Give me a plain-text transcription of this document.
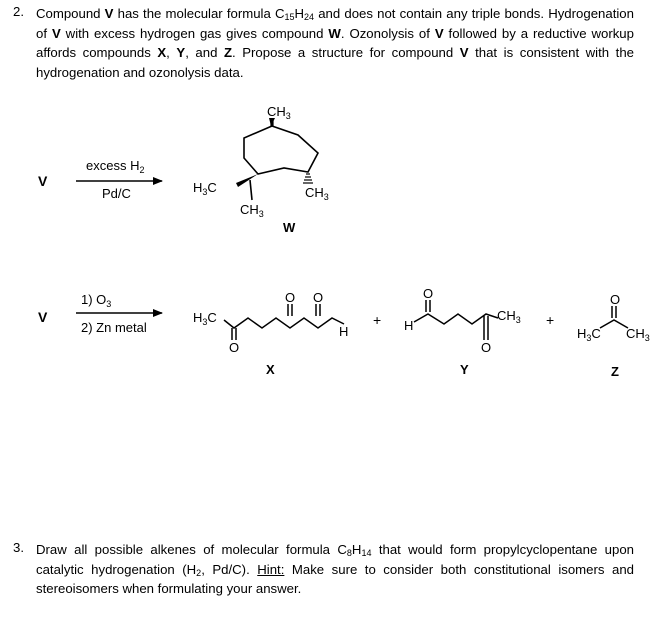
2. Compound V has the molecular formula $C_{15}H_{24}$ and does not contain any triple bonds. Hydrogenation of V with excess hydrogen gas gives compound W. Ozonolysis of V followed by a reductive workup affords compounds X, Y, and Z. Propose a structure for compound V that is consistent with the hydrogenation and ozonolysis data.
V
excess $H_2$
Pd/C
$CH_3$
$H_3C$
$CH_3$
$CH_3$
W
V
1) $O_3$
2) Zn metal
$H_3C$
O
O O
H
+ H
O
O
$CH_3$ +
O
$H_3C$ $CH_3$
X	Y	Z
3. Draw all possible alkenes of molecular formula $C_8H_{14}$ that would form propylcyclopentane upon catalytic hydrogenation ($H_2$, Pd/C). Hint: Make sure to consider both constitutional isomers and stereoisomers when formulating your answer.
